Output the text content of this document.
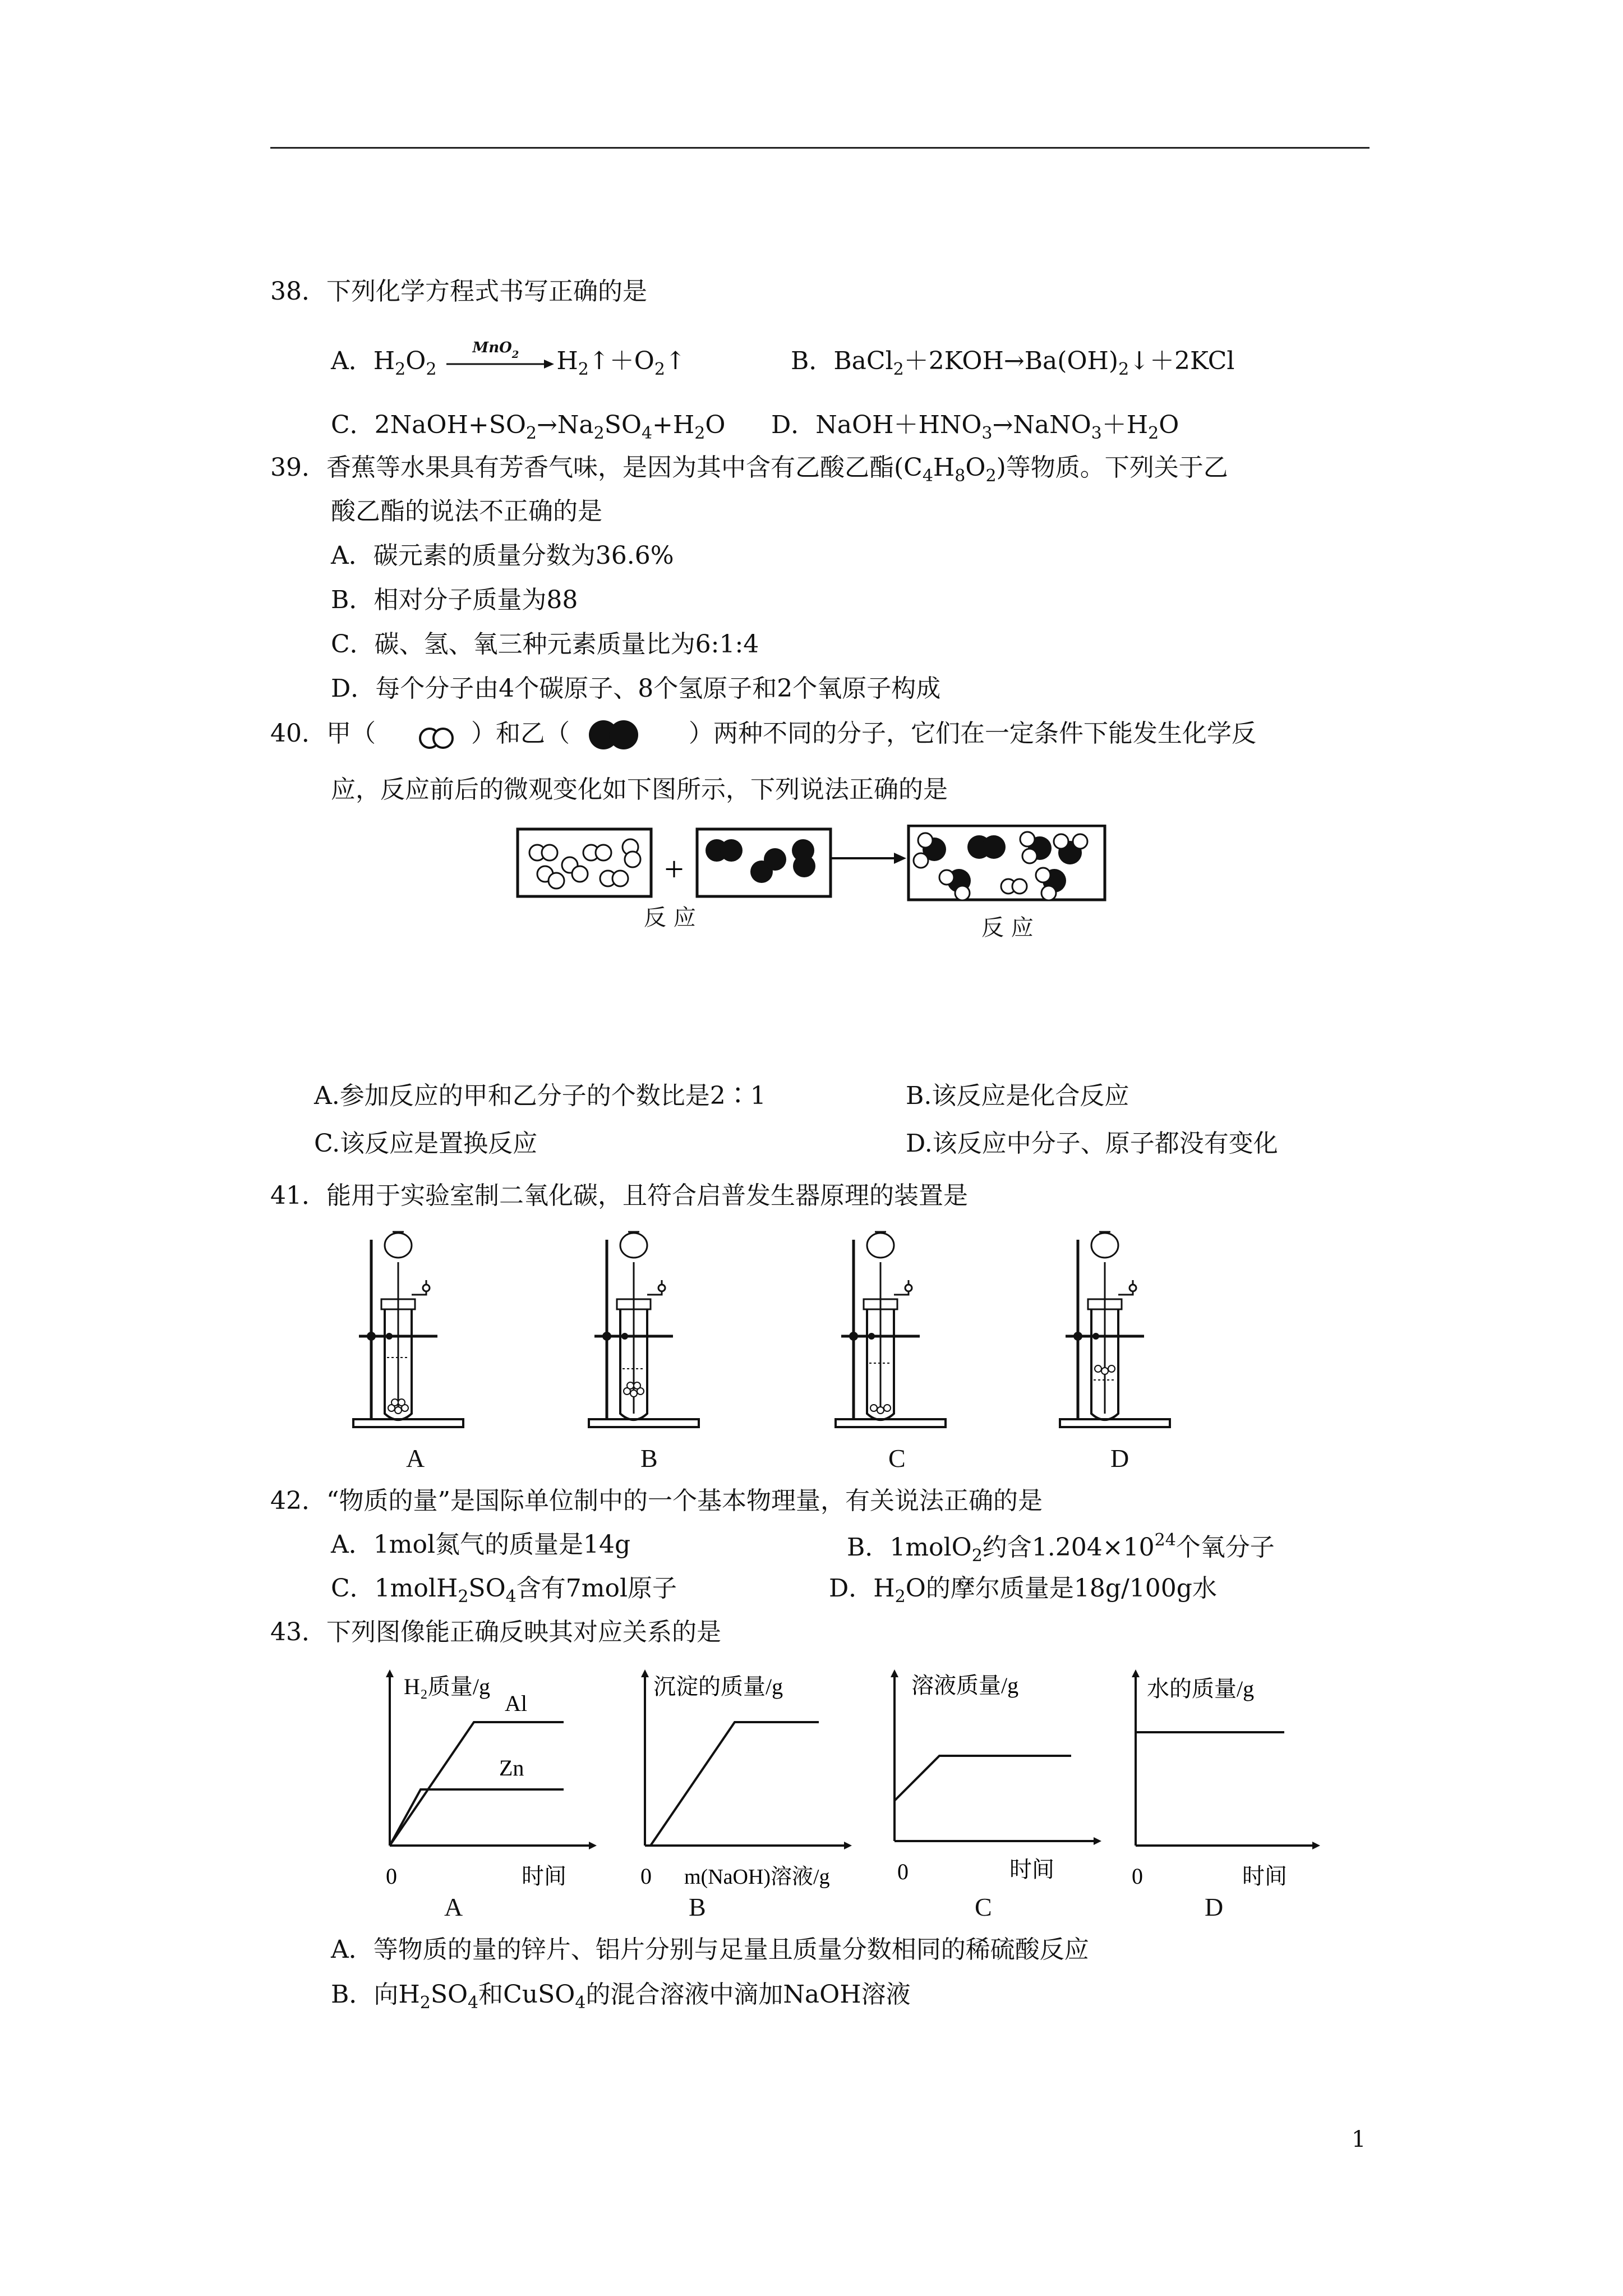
38．下列化学方程式书写正确的是
A．$H_2O_2$
MnO$_2$ $H_2↑+O_2↑$	B．$BaCl_2+2KOH\to Ba(OH)_2↓+2KCl$
C．$2NaOH+SO_2\to Na_2SO_4+H_2O$ D．$NaOH+HNO_3\to NaNO_3+H_2O$
39．香蕉等水果具有芳香气味，是因为其中含有乙酸乙酯$(C_4H_8O_2)$等物质。下列关于乙
酸乙酯的说法不正确的是
A．碳元素的质量分数为36.6%
B．相对分子质量为88
C．碳、氢、氧三种元素质量比为6:1:4
D．每个分子由4个碳原子、8个氢原子和2个氧原子构成
40．甲（	）和乙（	）两种不同的分子，它们在一定条件下能发生化学反
应，反应前后的微观变化如下图所示，下列说法正确的是
+
反 应	反 应
A.参加反应的甲和乙分子的个数比是2∶1	B.该反应是化合反应
C.该反应是置换反应	D.该反应中分子、原子都没有变化
41．能用于实验室制二氧化碳，且符合启普发生器原理的装置是
A	B	C	D
42．“物质的量”是国际单位制中的一个基本物理量，有关说法正确的是
A．1mol氮气的质量是14g	B．1molO$_2$约含$1.204\times 10^{24}$个氧分子
C．$1molH_2SO_4$含有7mol原子	D．$H_2O$的摩尔质量是18g/100g水
43．下列图像能正确反映其对应关系的是
H₂质量/g
Al
Zn
0	时间
沉淀的质量/g
0 m(NaOH)溶液/g
溶液质量/g
0	时间
水的质量/g
0	时间
A	B	C	D
A．等物质的量的锌片、铝片分别与足量且质量分数相同的稀硫酸反应
B．向$H_2SO_4$和CuSO$_4$的混合溶液中滴加NaOH溶液
1
